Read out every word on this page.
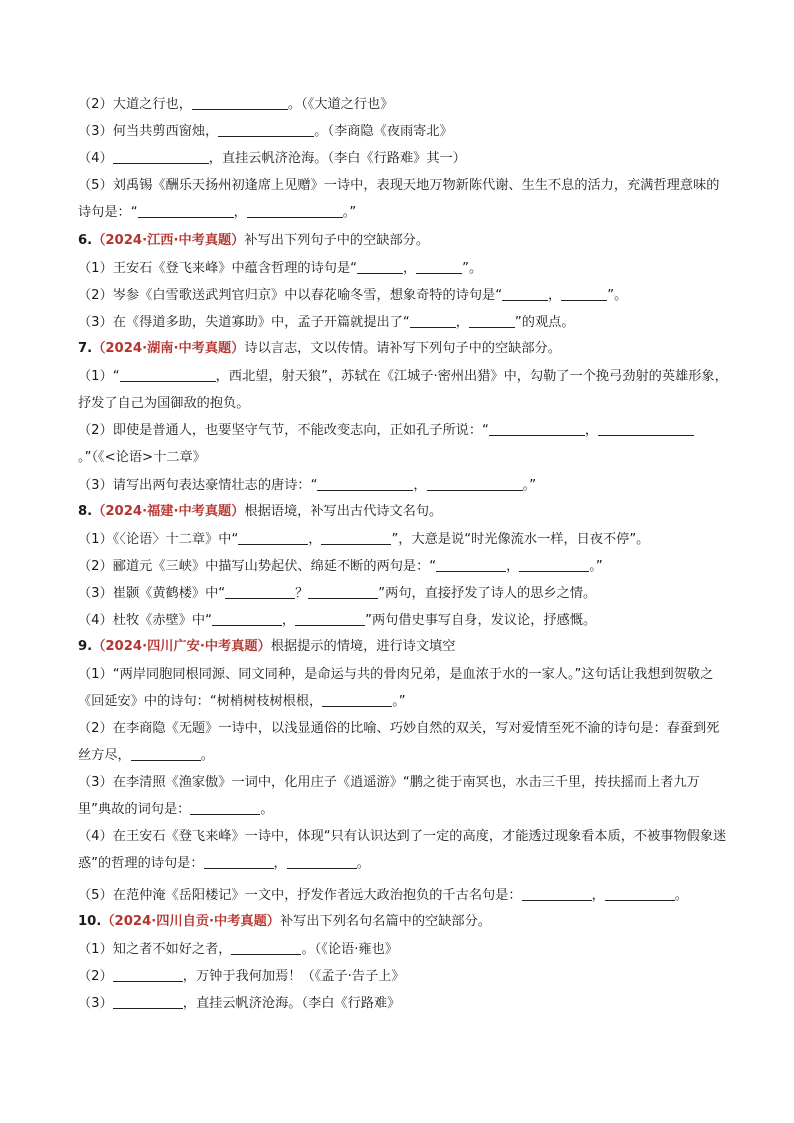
（2）大道之行也，	。（《大道之行也》
（3）何当共剪西窗烛，	。（李商隐《夜雨寄北》
（4）	，直挂云帆济沧海。（李白《行路难》其一）
（5）刘禹锡《酬乐天扬州初逢席上见赠》一诗中，表现天地万物新陈代谢、生生不息的活力，充满哲理意味的诗句是：“	，	。”
6.（2024·江西·中考真题）补写出下列句子中的空缺部分。
（1）王安石《登飞来峰》中蕴含哲理的诗句是“	，	”。
（2）岑参《白雪歌送武判官归京》中以春花喻冬雪，想象奇特的诗句是“	，	”。
（3）在《得道多助，失道寡助》中，孟子开篇就提出了“	，	”的观点。
7.（2024·湖南·中考真题）诗以言志，文以传情。请补写下列句子中的空缺部分。
（1）“	，西北望，射天狼”，苏轼在《江城子·密州出猎》中，勾勒了一个挽弓劲射的英雄形象，抒发了自己为国御敌的抱负。
（2）即使是普通人，也要坚守气节，不能改变志向，正如孔子所说：“	，。”（《<论语>十二章》
（3）请写出两句表达豪情壮志的唐诗：“	，	。”
8.（2024·福建·中考真题）根据语境，补写出古代诗文名句。
（1）《〈论语〉十二章》中“	，	”，大意是说“时光像流水一样，日夜不停”。
（2）郦道元《三峡》中描写山势起伏、绵延不断的两句是：“	，	。”
（3）崔颢《黄鹤楼》中“	？	”两句，直接抒发了诗人的思乡之情。
（4）杜牧《赤壁》中“	，	”两句借史事写自身，发议论，抒感慨。
9.（2024·四川广安·中考真题）根据提示的情境，进行诗文填空
（1）“两岸同胞同根同源、同文同种，是命运与共的骨肉兄弟，是血浓于水的一家人。”这句话让我想到贺敬之《回延安》中的诗句：“树梢树枝树根根，	。”
（2）在李商隐《无题》一诗中，以浅显通俗的比喻、巧妙自然的双关，写对爱情至死不渝的诗句是：春蚕到死丝方尽，	。
（3）在李清照《渔家傲》一词中，化用庄子《逍遥游》“鹏之徙于南冥也，水击三千里，抟扶摇而上者九万里”典故的词句是：	。
（4）在王安石《登飞来峰》一诗中，体现“只有认识达到了一定的高度，才能透过现象看本质，不被事物假象迷惑”的哲理的诗句是：	，	。
（5）在范仲淹《岳阳楼记》一文中，抒发作者远大政治抱负的千古名句是：	，	。
10.（2024·四川自贡·中考真题）补写出下列名句名篇中的空缺部分。
（1）知之者不如好之者，	。（《论语·雍也》
（2）	，万钟于我何加焉！（《孟子·告子上》
（3）	，直挂云帆济沧海。（李白《行路难》
